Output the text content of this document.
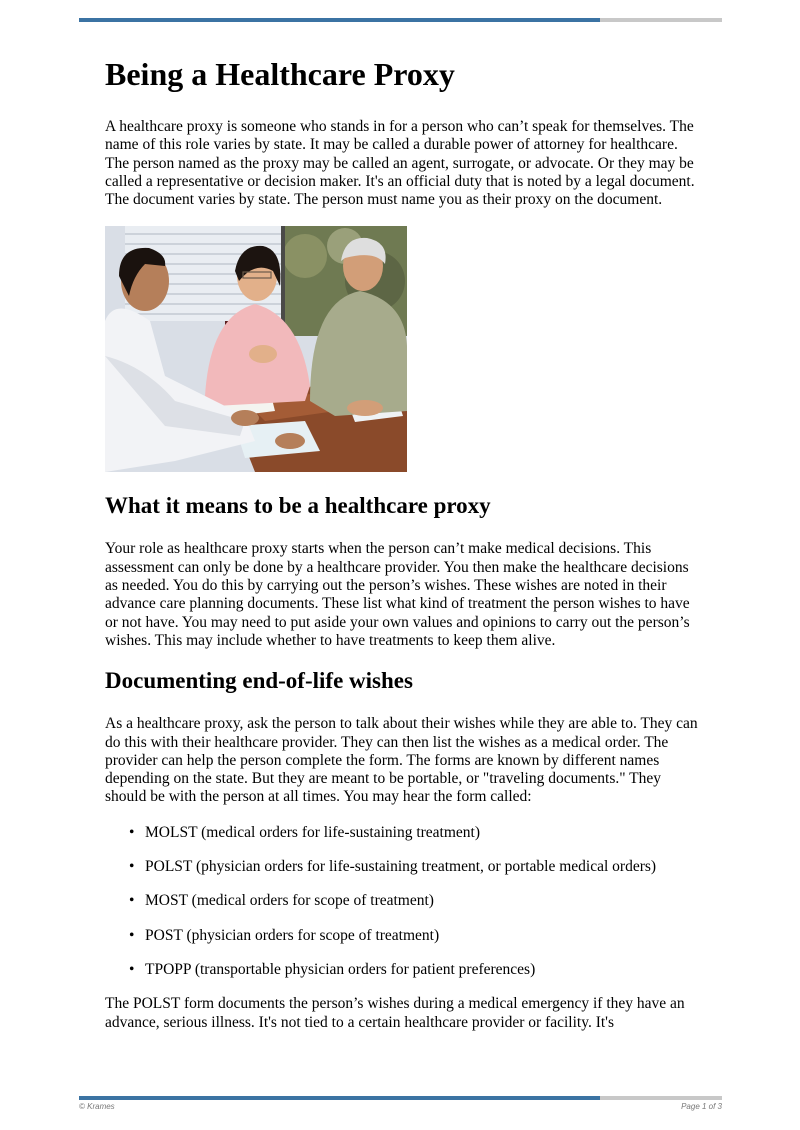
Being a Healthcare Proxy

A healthcare proxy is someone who stands in for a person who can’t speak for themselves. The name of this role varies by state. It may be called a durable power of attorney for healthcare. The person named as the proxy may be called an agent, surrogate, or advocate. Or they may be called a representative or decision maker. It's an official duty that is noted by a legal document. The document varies by state. The person must name you as their proxy on the document.

What it means to be a healthcare proxy

Your role as healthcare proxy starts when the person can’t make medical decisions. This assessment can only be done by a healthcare provider. You then make the healthcare decisions as needed. You do this by carrying out the person’s wishes. These wishes are noted in their advance care planning documents. These list what kind of treatment the person wishes to have or not have. You may need to put aside your own values and opinions to carry out the person’s wishes. This may include whether to have treatments to keep them alive.

Documenting end-of-life wishes

As a healthcare proxy, ask the person to talk about their wishes while they are able to. They can do this with their healthcare provider. They can then list the wishes as a medical order. The provider can help the person complete the form. The forms are known by different names depending on the state. But they are meant to be portable, or "traveling documents." They should be with the person at all times. You may hear the form called:

• MOLST (medical orders for life-sustaining treatment)
• POLST (physician orders for life-sustaining treatment, or portable medical orders)
• MOST (medical orders for scope of treatment)
• POST (physician orders for scope of treatment)
• TPOPP (transportable physician orders for patient preferences)

The POLST form documents the person’s wishes during a medical emergency if they have an advance, serious illness. It's not tied to a certain healthcare provider or facility. It's

© Krames	Page 1 of 3
